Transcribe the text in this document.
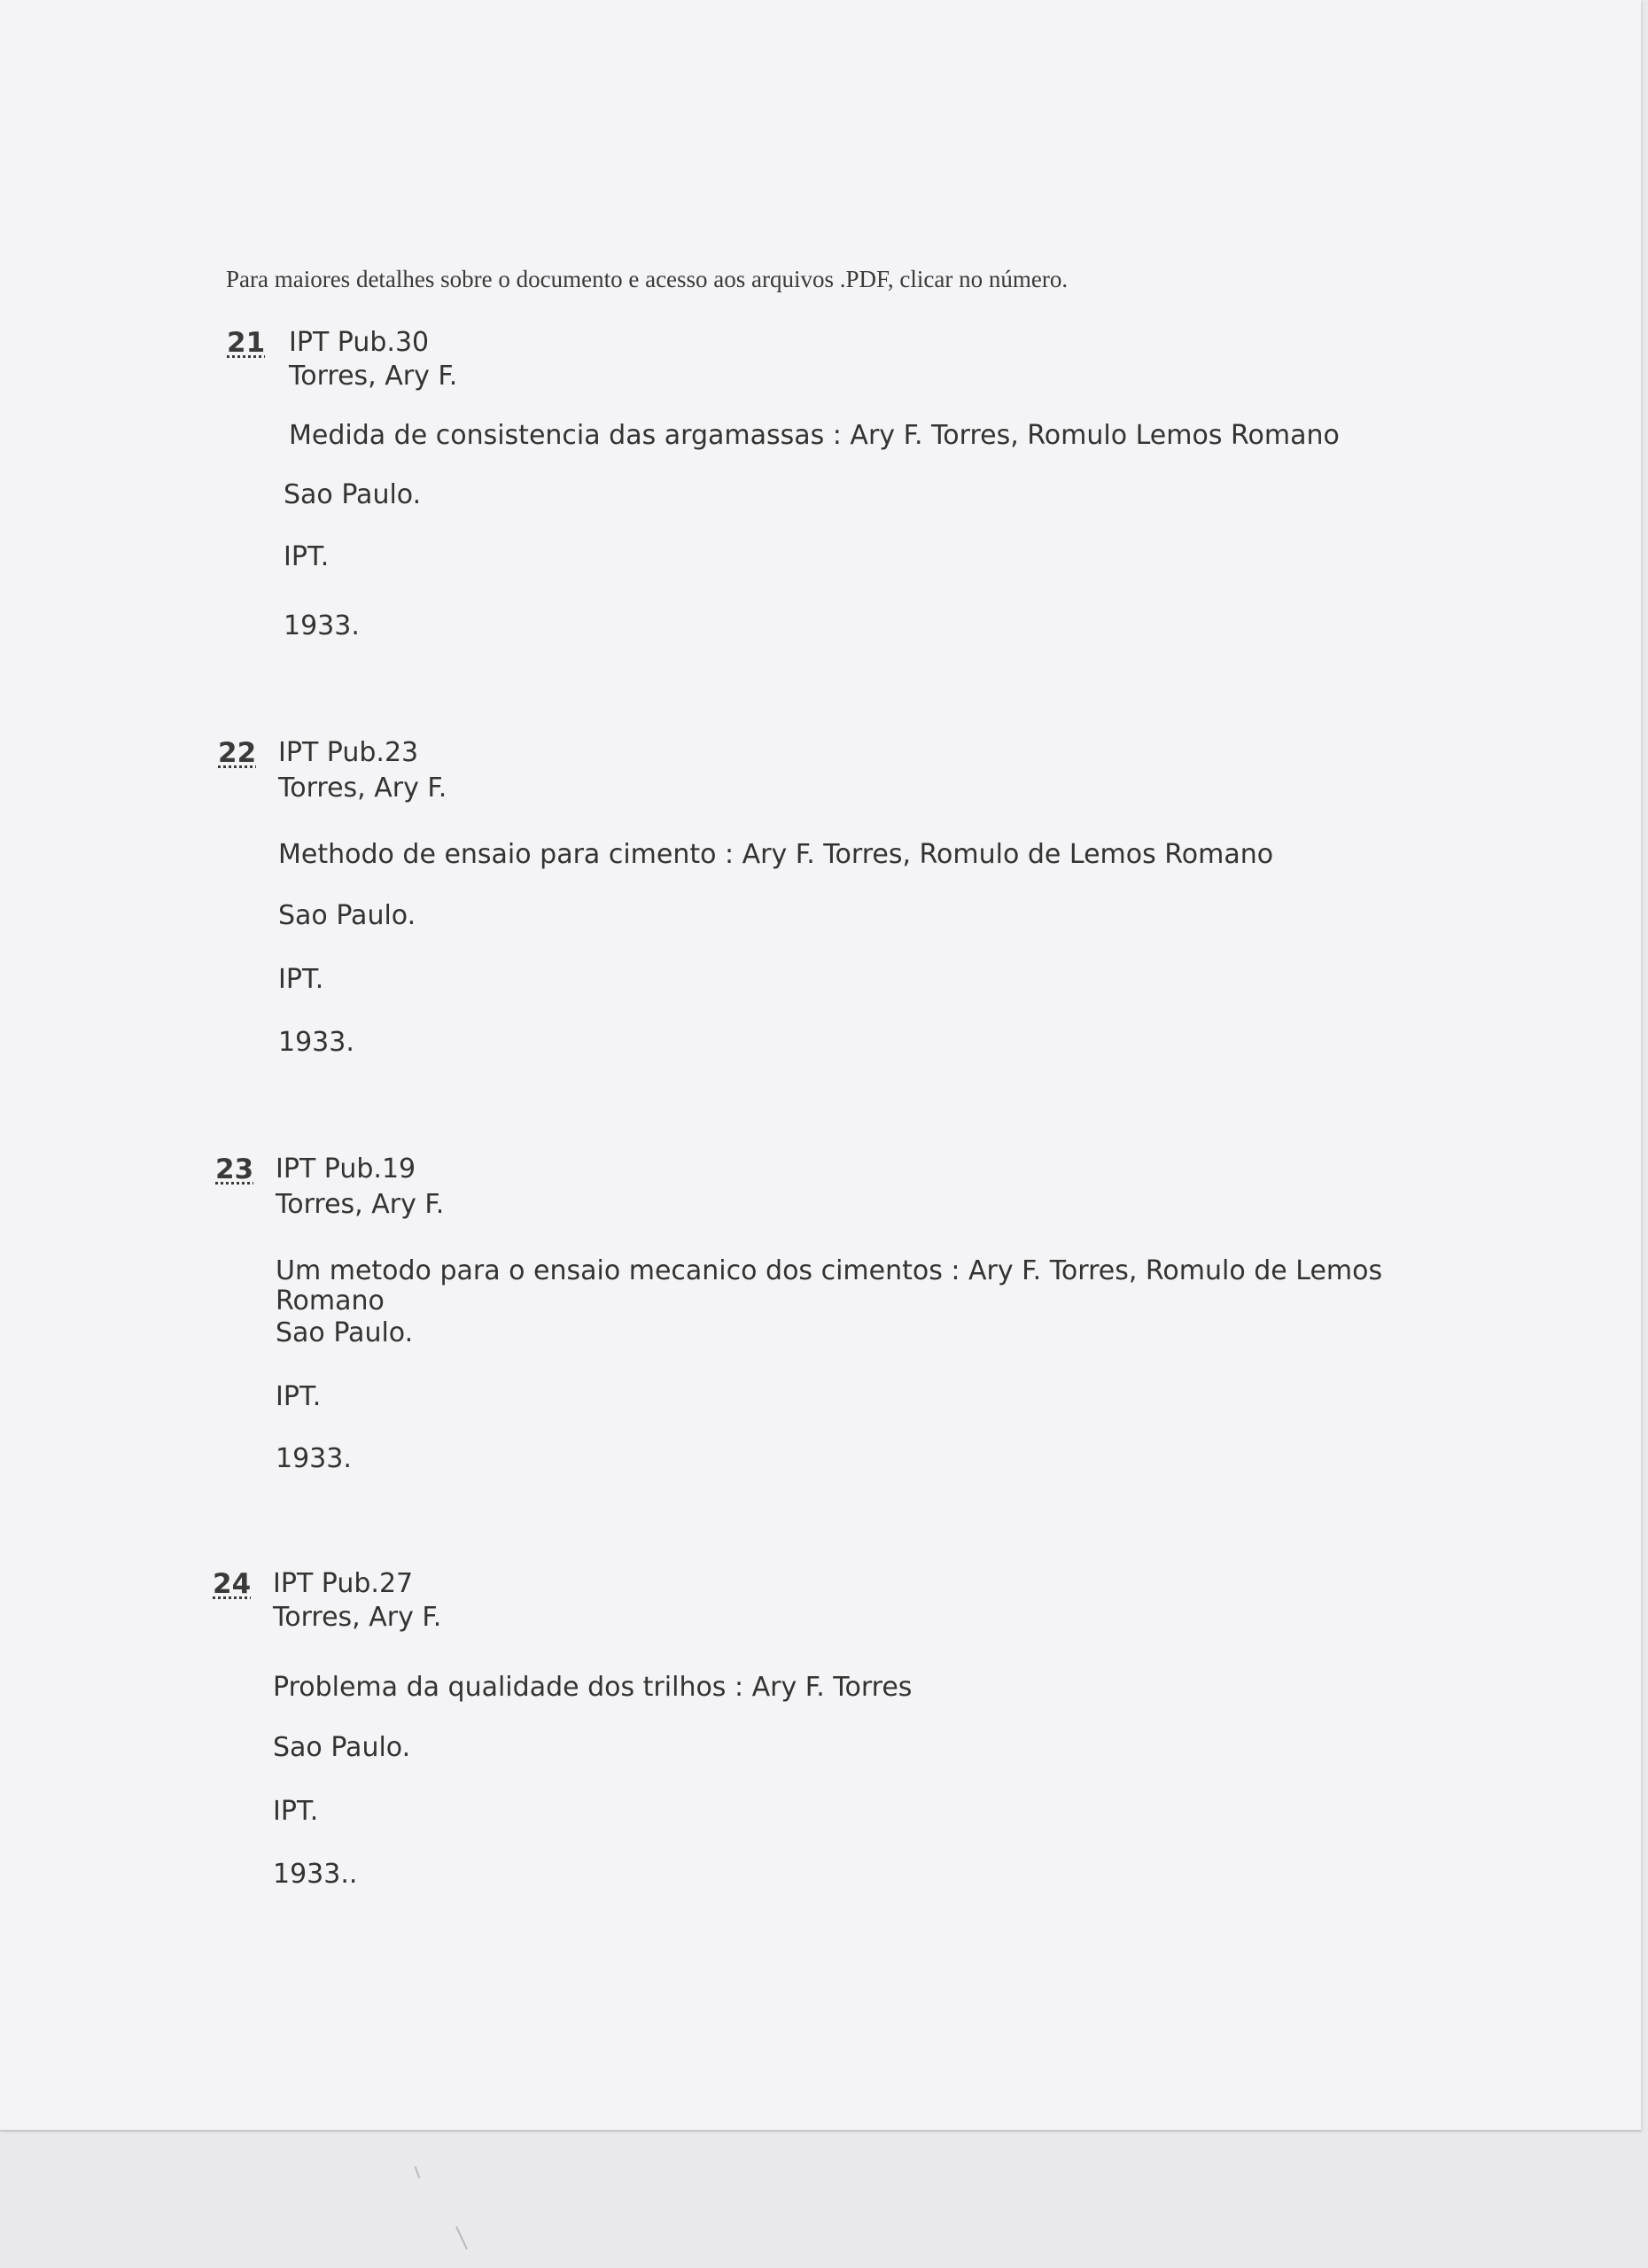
Para maiores detalhes sobre o documento e acesso aos arquivos .PDF, clicar no número.
21 IPT Pub.30
Torres, Ary F.
Medida de consistencia das argamassas : Ary F. Torres, Romulo Lemos Romano
Sao Paulo.
IPT.
1933.
22 IPT Pub.23
Torres, Ary F.
Methodo de ensaio para cimento : Ary F. Torres, Romulo de Lemos Romano
Sao Paulo.
IPT.
1933.
23 IPT Pub.19
Torres, Ary F.
Um metodo para o ensaio mecanico dos cimentos : Ary F. Torres, Romulo de Lemos Romano
Sao Paulo.
IPT.
1933.
24 IPT Pub.27
Torres, Ary F.
Problema da qualidade dos trilhos : Ary F. Torres
Sao Paulo.
IPT.
1933..
